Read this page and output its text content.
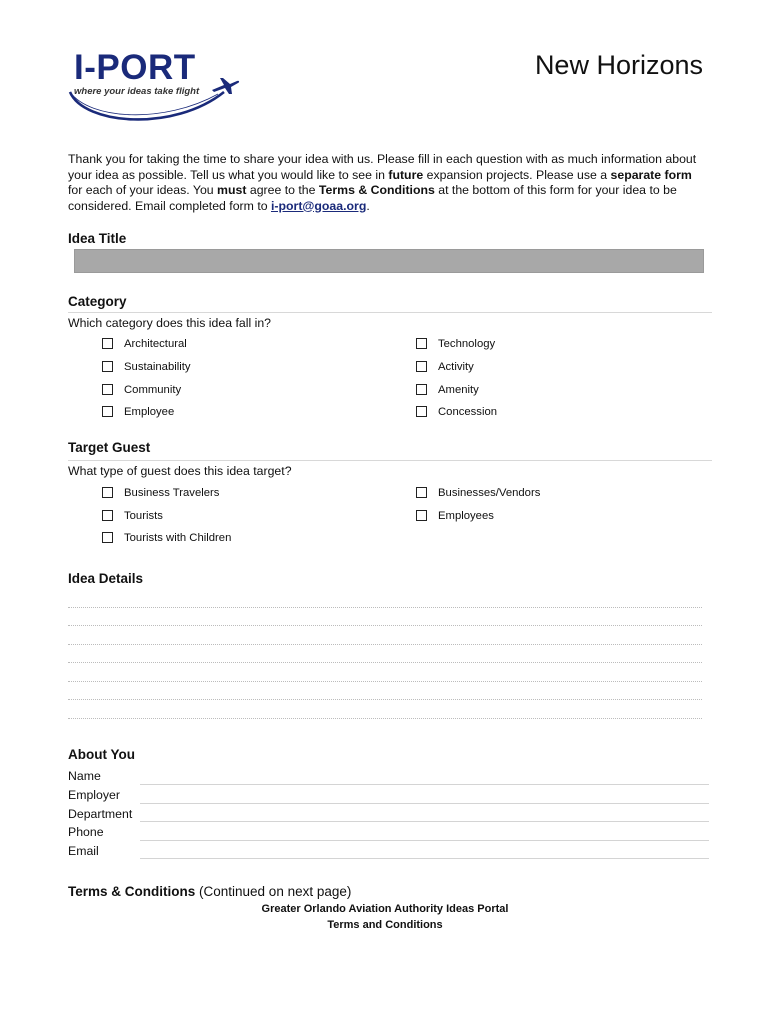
I-PORT
where your ideas take flight
New Horizons
Thank you for taking the time to share your idea with us. Please fill in each question with as much information about your idea as possible. Tell us what you would like to see in future expansion projects. Please use a separate form for each of your ideas. You must agree to the Terms & Conditions at the bottom of this form for your idea to be considered. Email completed form to i-port@goaa.org.
Idea Title
Category
Which category does this idea fall in?
Architectural	Technology
Sustainability	Activity
Community	Amenity
Employee	Concession
Target Guest
What type of guest does this idea target?
Business Travelers	Businesses/Vendors
Tourists	Employees
Tourists with Children
Idea Details
About You
Name
Employer
Department
Phone
Email
Terms & Conditions (Continued on next page)
Greater Orlando Aviation Authority Ideas Portal
Terms and Conditions
